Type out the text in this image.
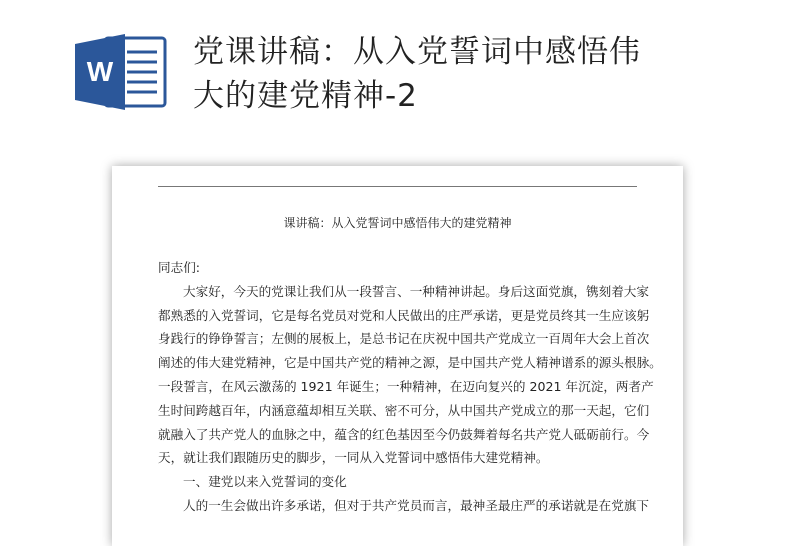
W
党课讲稿：从入党誓词中感悟伟
大的建党精神-2
课讲稿：从入党誓词中感悟伟大的建党精神
同志们:
大家好，今天的党课让我们从一段誓言、一种精神讲起。身后这面党旗，镌刻着大家
都熟悉的入党誓词，它是每名党员对党和人民做出的庄严承诺，更是党员终其一生应该躬
身践行的铮铮誓言；左侧的展板上，是总书记在庆祝中国共产党成立一百周年大会上首次
阐述的伟大建党精神，它是中国共产党的精神之源，是中国共产党人精神谱系的源头根脉。
一段誓言，在风云激荡的 1921 年诞生；一种精神，在迈向复兴的 2021 年沉淀，两者产
生时间跨越百年，内涵意蕴却相互关联、密不可分，从中国共产党成立的那一天起，它们
就融入了共产党人的血脉之中，蕴含的红色基因至今仍鼓舞着每名共产党人砥砺前行。今
天，就让我们跟随历史的脚步，一同从入党誓词中感悟伟大建党精神。
一、建党以来入党誓词的变化
人的一生会做出许多承诺，但对于共产党员而言，最神圣最庄严的承诺就是在党旗下
